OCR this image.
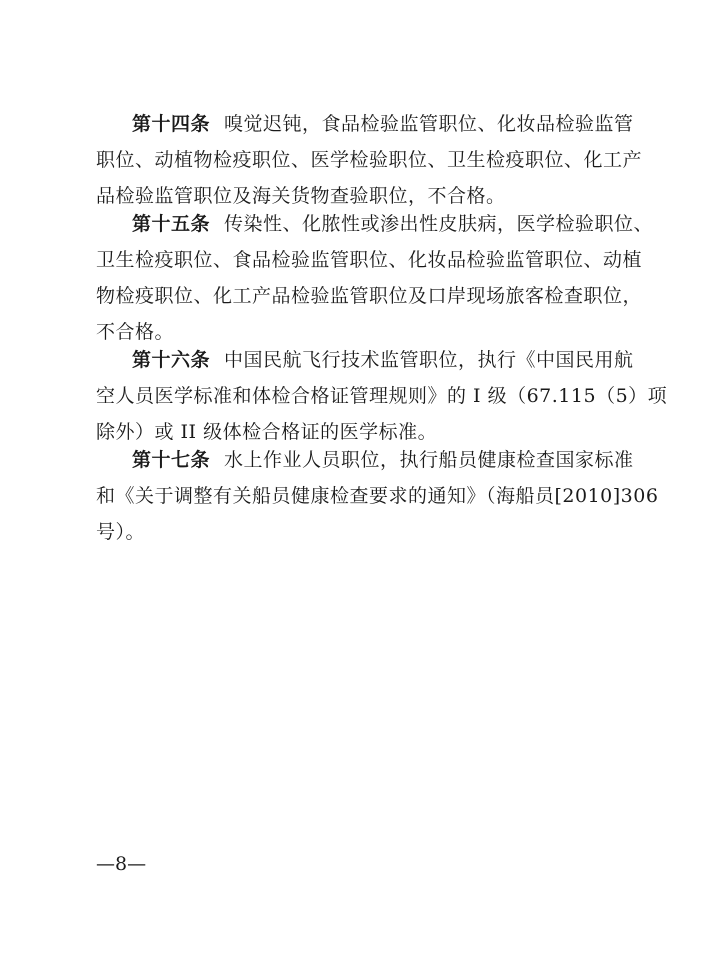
第十四条 嗅觉迟钝，食品检验监管职位、化妆品检验监管
职位、动植物检疫职位、医学检验职位、卫生检疫职位、化工产
品检验监管职位及海关货物查验职位，不合格。
第十五条 传染性、化脓性或渗出性皮肤病，医学检验职位、
卫生检疫职位、食品检验监管职位、化妆品检验监管职位、动植
物检疫职位、化工产品检验监管职位及口岸现场旅客检查职位，
不合格。
第十六条 中国民航飞行技术监管职位，执行《中国民用航
空人员医学标准和体检合格证管理规则》的 I 级（67.115（5）项
除外）或 II 级体检合格证的医学标准。
第十七条 水上作业人员职位，执行船员健康检查国家标准
和《关于调整有关船员健康检查要求的通知》（海船员[2010]306
号）。
—8—
